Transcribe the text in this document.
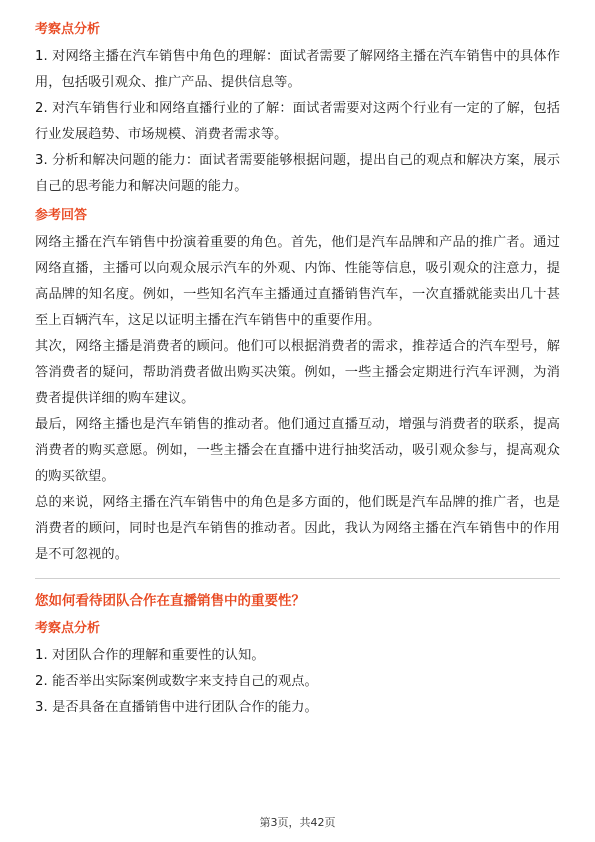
考察点分析

1. 对网络主播在汽车销售中角色的理解：面试者需要了解网络主播在汽车销售中的具体作用，包括吸引观众、推广产品、提供信息等。

2. 对汽车销售行业和网络直播行业的了解：面试者需要对这两个行业有一定的了解，包括行业发展趋势、市场规模、消费者需求等。

3. 分析和解决问题的能力：面试者需要能够根据问题，提出自己的观点和解决方案，展示自己的思考能力和解决问题的能力。

参考回答

网络主播在汽车销售中扮演着重要的角色。首先，他们是汽车品牌和产品的推广者。通过网络直播，主播可以向观众展示汽车的外观、内饰、性能等信息，吸引观众的注意力，提高品牌的知名度。例如，一些知名汽车主播通过直播销售汽车，一次直播就能卖出几十甚至上百辆汽车，这足以证明主播在汽车销售中的重要作用。

其次，网络主播是消费者的顾问。他们可以根据消费者的需求，推荐适合的汽车型号，解答消费者的疑问，帮助消费者做出购买决策。例如，一些主播会定期进行汽车评测，为消费者提供详细的购车建议。

最后，网络主播也是汽车销售的推动者。他们通过直播互动，增强与消费者的联系，提高消费者的购买意愿。例如，一些主播会在直播中进行抽奖活动，吸引观众参与，提高观众的购买欲望。

总的来说，网络主播在汽车销售中的角色是多方面的，他们既是汽车品牌的推广者，也是消费者的顾问，同时也是汽车销售的推动者。因此，我认为网络主播在汽车销售中的作用是不可忽视的。

您如何看待团队合作在直播销售中的重要性？
考察点分析

1. 对团队合作的理解和重要性的认知。

2. 能否举出实际案例或数字来支持自己的观点。

3. 是否具备在直播销售中进行团队合作的能力。

第3页，共42页
